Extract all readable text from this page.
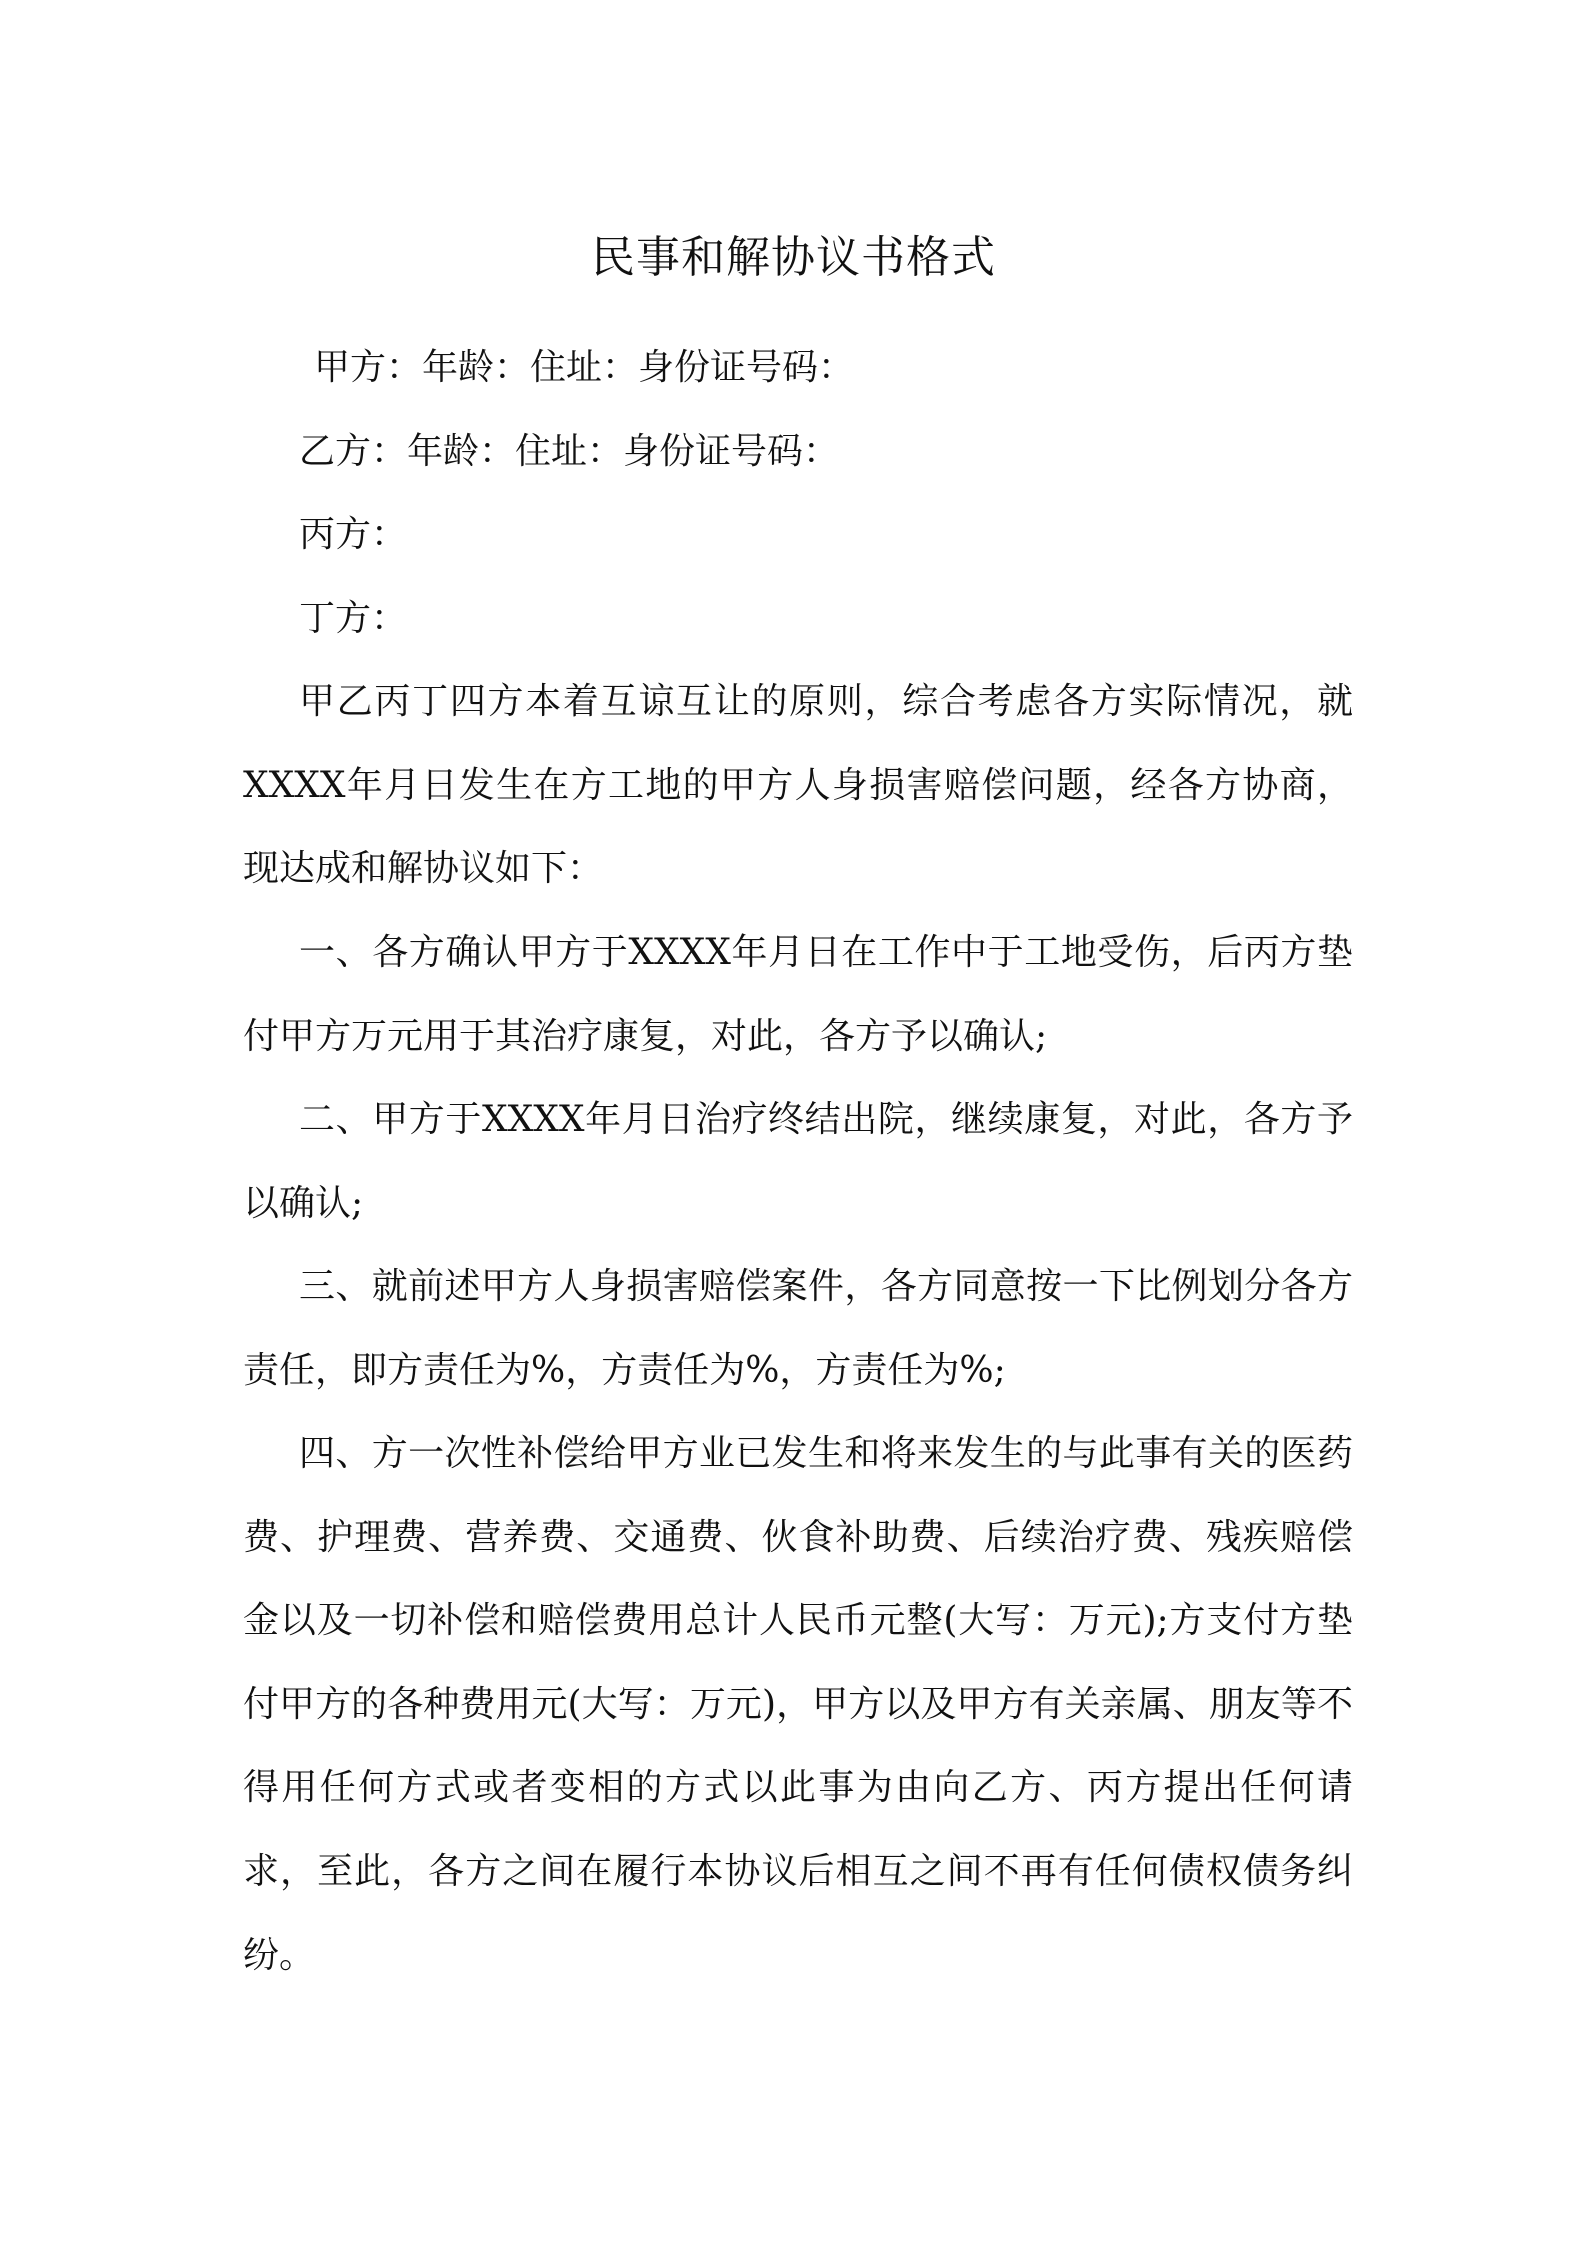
民事和解协议书格式
甲方：年龄：住址：身份证号码：
乙方：年龄：住址：身份证号码：
丙方：
丁方：

甲乙丙丁四方本着互谅互让的原则，综合考虑各方实际情况，就XXXX年月日发生在方工地的甲方人身损害赔偿问题，经各方协商，现达成和解协议如下：

一、各方确认甲方于XXXX年月日在工作中于工地受伤，后丙方垫付甲方万元用于其治疗康复，对此，各方予以确认;

二、甲方于XXXX年月日治疗终结出院，继续康复，对此，各方予以确认;

三、就前述甲方人身损害赔偿案件，各方同意按一下比例划分各方责任，即方责任为%，方责任为%，方责任为%;

四、方一次性补偿给甲方业已发生和将来发生的与此事有关的医药费、护理费、营养费、交通费、伙食补助费、后续治疗费、残疾赔偿金以及一切补偿和赔偿费用总计人民币元整(大写：万元);方支付方垫付甲方的各种费用元(大写：万元)，甲方以及甲方有关亲属、朋友等不得用任何方式或者变相的方式以此事为由向乙方、丙方提出任何请求，至此，各方之间在履行本协议后相互之间不再有任何债权债务纠纷。
